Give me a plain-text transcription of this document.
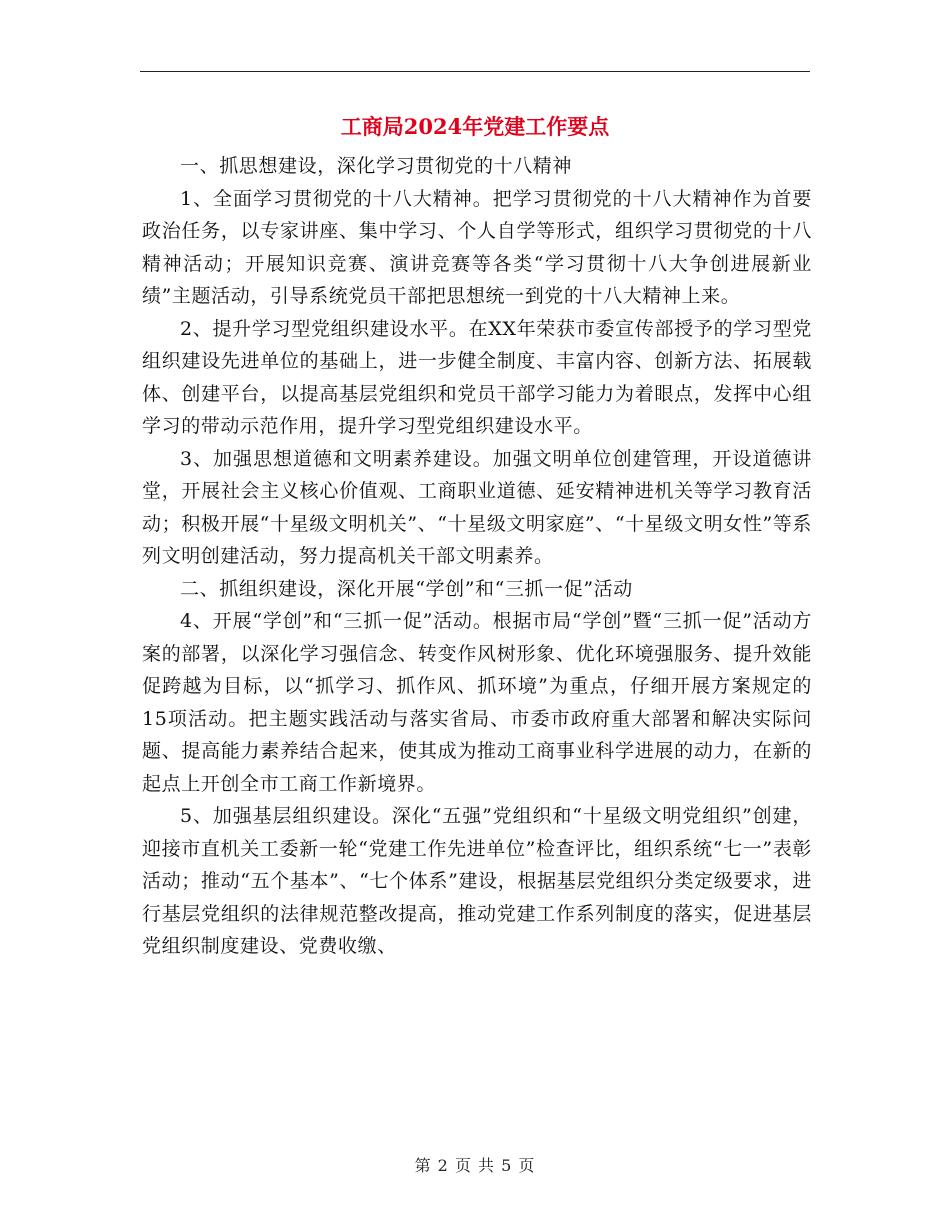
工商局2024年党建工作要点

一、抓思想建设，深化学习贯彻党的十八精神

1、全面学习贯彻党的十八大精神。把学习贯彻党的十八大精神作为首要政治任务，以专家讲座、集中学习、个人自学等形式，组织学习贯彻党的十八精神活动；开展知识竞赛、演讲竞赛等各类“学习贯彻十八大争创进展新业绩”主题活动，引导系统党员干部把思想统一到党的十八大精神上来。

2、提升学习型党组织建设水平。在XX年荣获市委宣传部授予的学习型党组织建设先进单位的基础上，进一步健全制度、丰富内容、创新方法、拓展载体、创建平台，以提高基层党组织和党员干部学习能力为着眼点，发挥中心组学习的带动示范作用，提升学习型党组织建设水平。

3、加强思想道德和文明素养建设。加强文明单位创建管理，开设道德讲堂，开展社会主义核心价值观、工商职业道德、延安精神进机关等学习教育活动；积极开展“十星级文明机关”、“十星级文明家庭”、“十星级文明女性”等系列文明创建活动，努力提高机关干部文明素养。

二、抓组织建设，深化开展“学创”和“三抓一促”活动

4、开展“学创”和“三抓一促”活动。根据市局“学创”暨“三抓一促”活动方案的部署，以深化学习强信念、转变作风树形象、优化环境强服务、提升效能促跨越为目标，以“抓学习、抓作风、抓环境”为重点，仔细开展方案规定的15项活动。把主题实践活动与落实省局、市委市政府重大部署和解决实际问题、提高能力素养结合起来，使其成为推动工商事业科学进展的动力，在新的起点上开创全市工商工作新境界。

5、加强基层组织建设。深化“五强”党组织和“十星级文明党组织”创建，迎接市直机关工委新一轮“党建工作先进单位”检查评比，组织系统“七一”表彰活动；推动“五个基本”、“七个体系”建设，根据基层党组织分类定级要求，进行基层党组织的法律规范整改提高，推动党建工作系列制度的落实，促进基层党组织制度建设、党费收缴、

第 2 页 共 5 页
